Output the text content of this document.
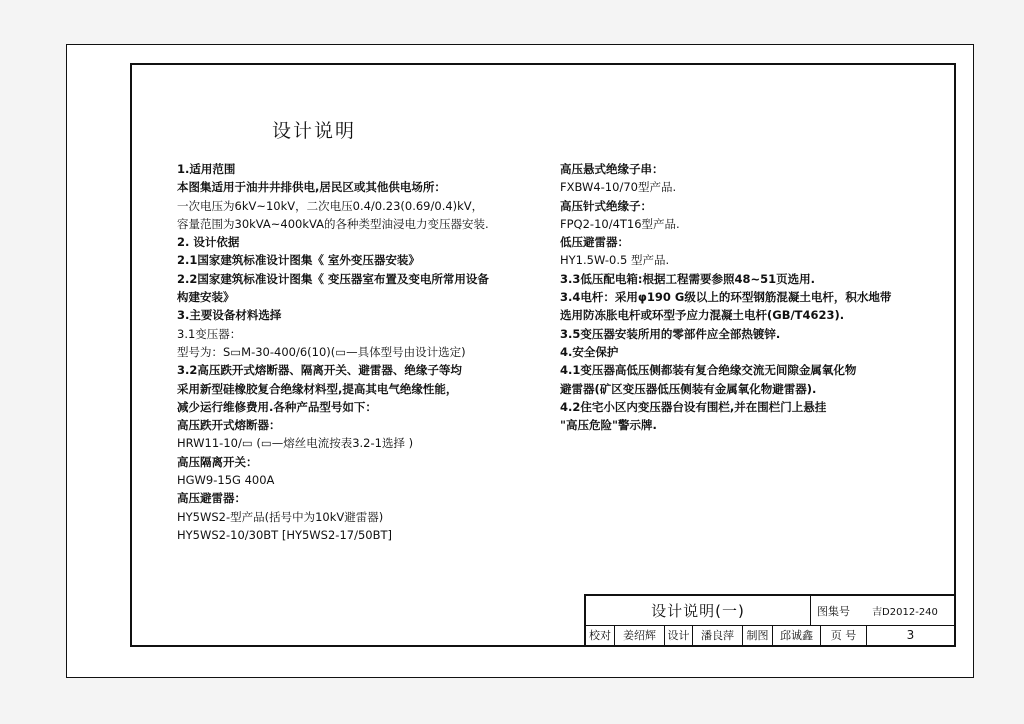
设计说明
1.适用范围
本图集适用于油井井排供电,居民区或其他供电场所：
一次电压为6kV~10kV，二次电压0.4/0.23(0.69/0.4)kV，
容量范围为30kVA~400kVA的各种类型油浸电力变压器安装.
2. 设计依据
2.1国家建筑标准设计图集《 室外变压器安装》
2.2国家建筑标准设计图集《 变压器室布置及变电所常用设备
构建安装》
3.主要设备材料选择
3.1变压器：
型号为：S▭M-30-400/6(10)(▭—具体型号由设计选定)
3.2高压跌开式熔断器、隔离开关、避雷器、绝缘子等均
采用新型硅橡胶复合绝缘材料型,提高其电气绝缘性能，
减少运行维修费用.各种产品型号如下：
高压跌开式熔断器：
HRW11-10/▭ (▭—熔丝电流按表3.2-1选择 )
高压隔离开关：
HGW9-15G 400A
高压避雷器：
HY5WS2-型产品(括号中为10kV避雷器)
HY5WS2-10/30BT [HY5WS2-17/50BT]
高压悬式绝缘子串：
FXBW4-10/70型产品.
高压针式绝缘子：
FPQ2-10/4T16型产品.
低压避雷器：
HY1.5W-0.5 型产品.
3.3低压配电箱:根据工程需要参照48~51页选用.
3.4电杆：采用φ190 G级以上的环型钢筋混凝土电杆，积水地带
选用防冻胀电杆或环型予应力混凝土电杆(GB/T4623).
3.5变压器安装所用的零部件应全部热镀锌.
4.安全保护
4.1变压器高低压侧都装有复合绝缘交流无间隙金属氧化物
避雷器(矿区变压器低压侧装有金属氧化物避雷器).
4.2住宅小区内变压器台设有围栏,并在围栏门上悬挂
"高压危险"警示牌.
设计说明(一)	图集号	吉D2012-240
校对	姜绍辉	设计	潘良萍	制图	邱诚鑫	页 号	3
